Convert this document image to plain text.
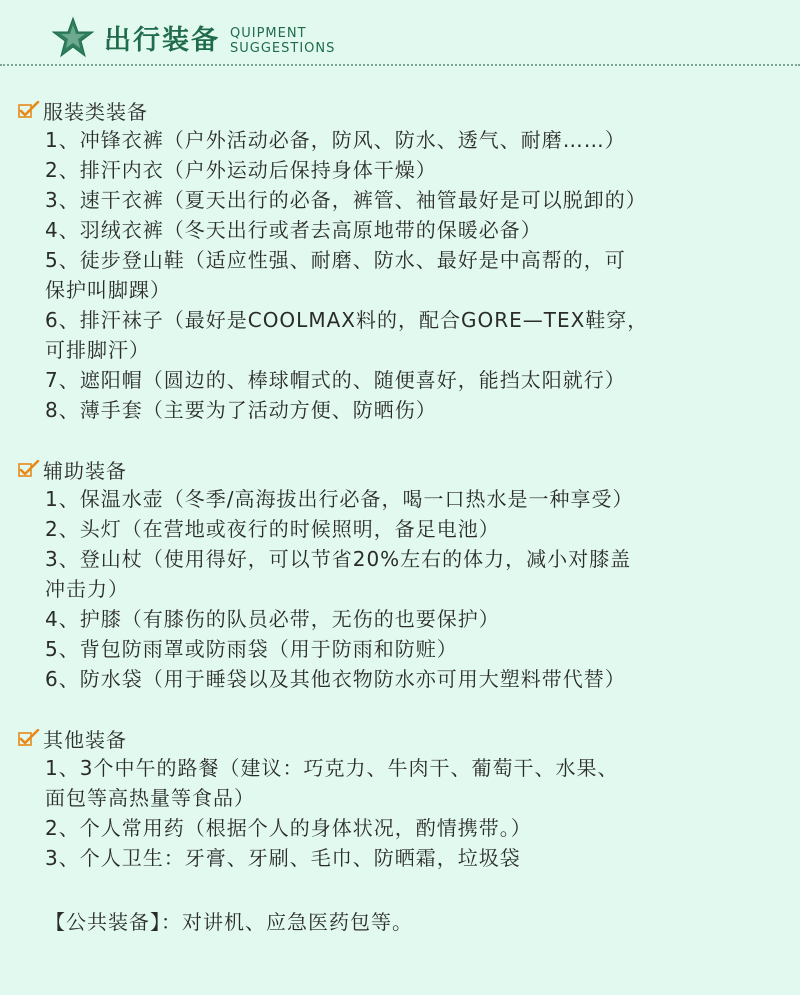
出行装备 QUIPMENT
SUGGESTIONS
服装类装备
1、冲锋衣裤（户外活动必备，防风、防水、透气、耐磨……）
2、排汗内衣（户外运动后保持身体干燥）
3、速干衣裤（夏天出行的必备，裤管、袖管最好是可以脱卸的）
4、羽绒衣裤（冬天出行或者去高原地带的保暖必备）
5、徒步登山鞋（适应性强、耐磨、防水、最好是中高帮的，可
保护叫脚踝）
6、排汗袜子（最好是COOLMAX料的，配合GORE—TEX鞋穿，
可排脚汗）
7、遮阳帽（圆边的、棒球帽式的、随便喜好，能挡太阳就行）
8、薄手套（主要为了活动方便、防晒伤）
辅助装备
1、保温水壶（冬季/高海拔出行必备，喝一口热水是一种享受）
2、头灯（在营地或夜行的时候照明，备足电池）
3、登山杖（使用得好，可以节省20%左右的体力，减小对膝盖
冲击力）
4、护膝（有膝伤的队员必带，无伤的也要保护）
5、背包防雨罩或防雨袋（用于防雨和防赃）
6、防水袋（用于睡袋以及其他衣物防水亦可用大塑料带代替）
其他装备
1、3个中午的路餐（建议：巧克力、牛肉干、葡萄干、水果、
面包等高热量等食品）
2、个人常用药（根据个人的身体状况，酌情携带。）
3、个人卫生：牙膏、牙刷、毛巾、防晒霜，垃圾袋
【公共装备】：对讲机、应急医药包等。
